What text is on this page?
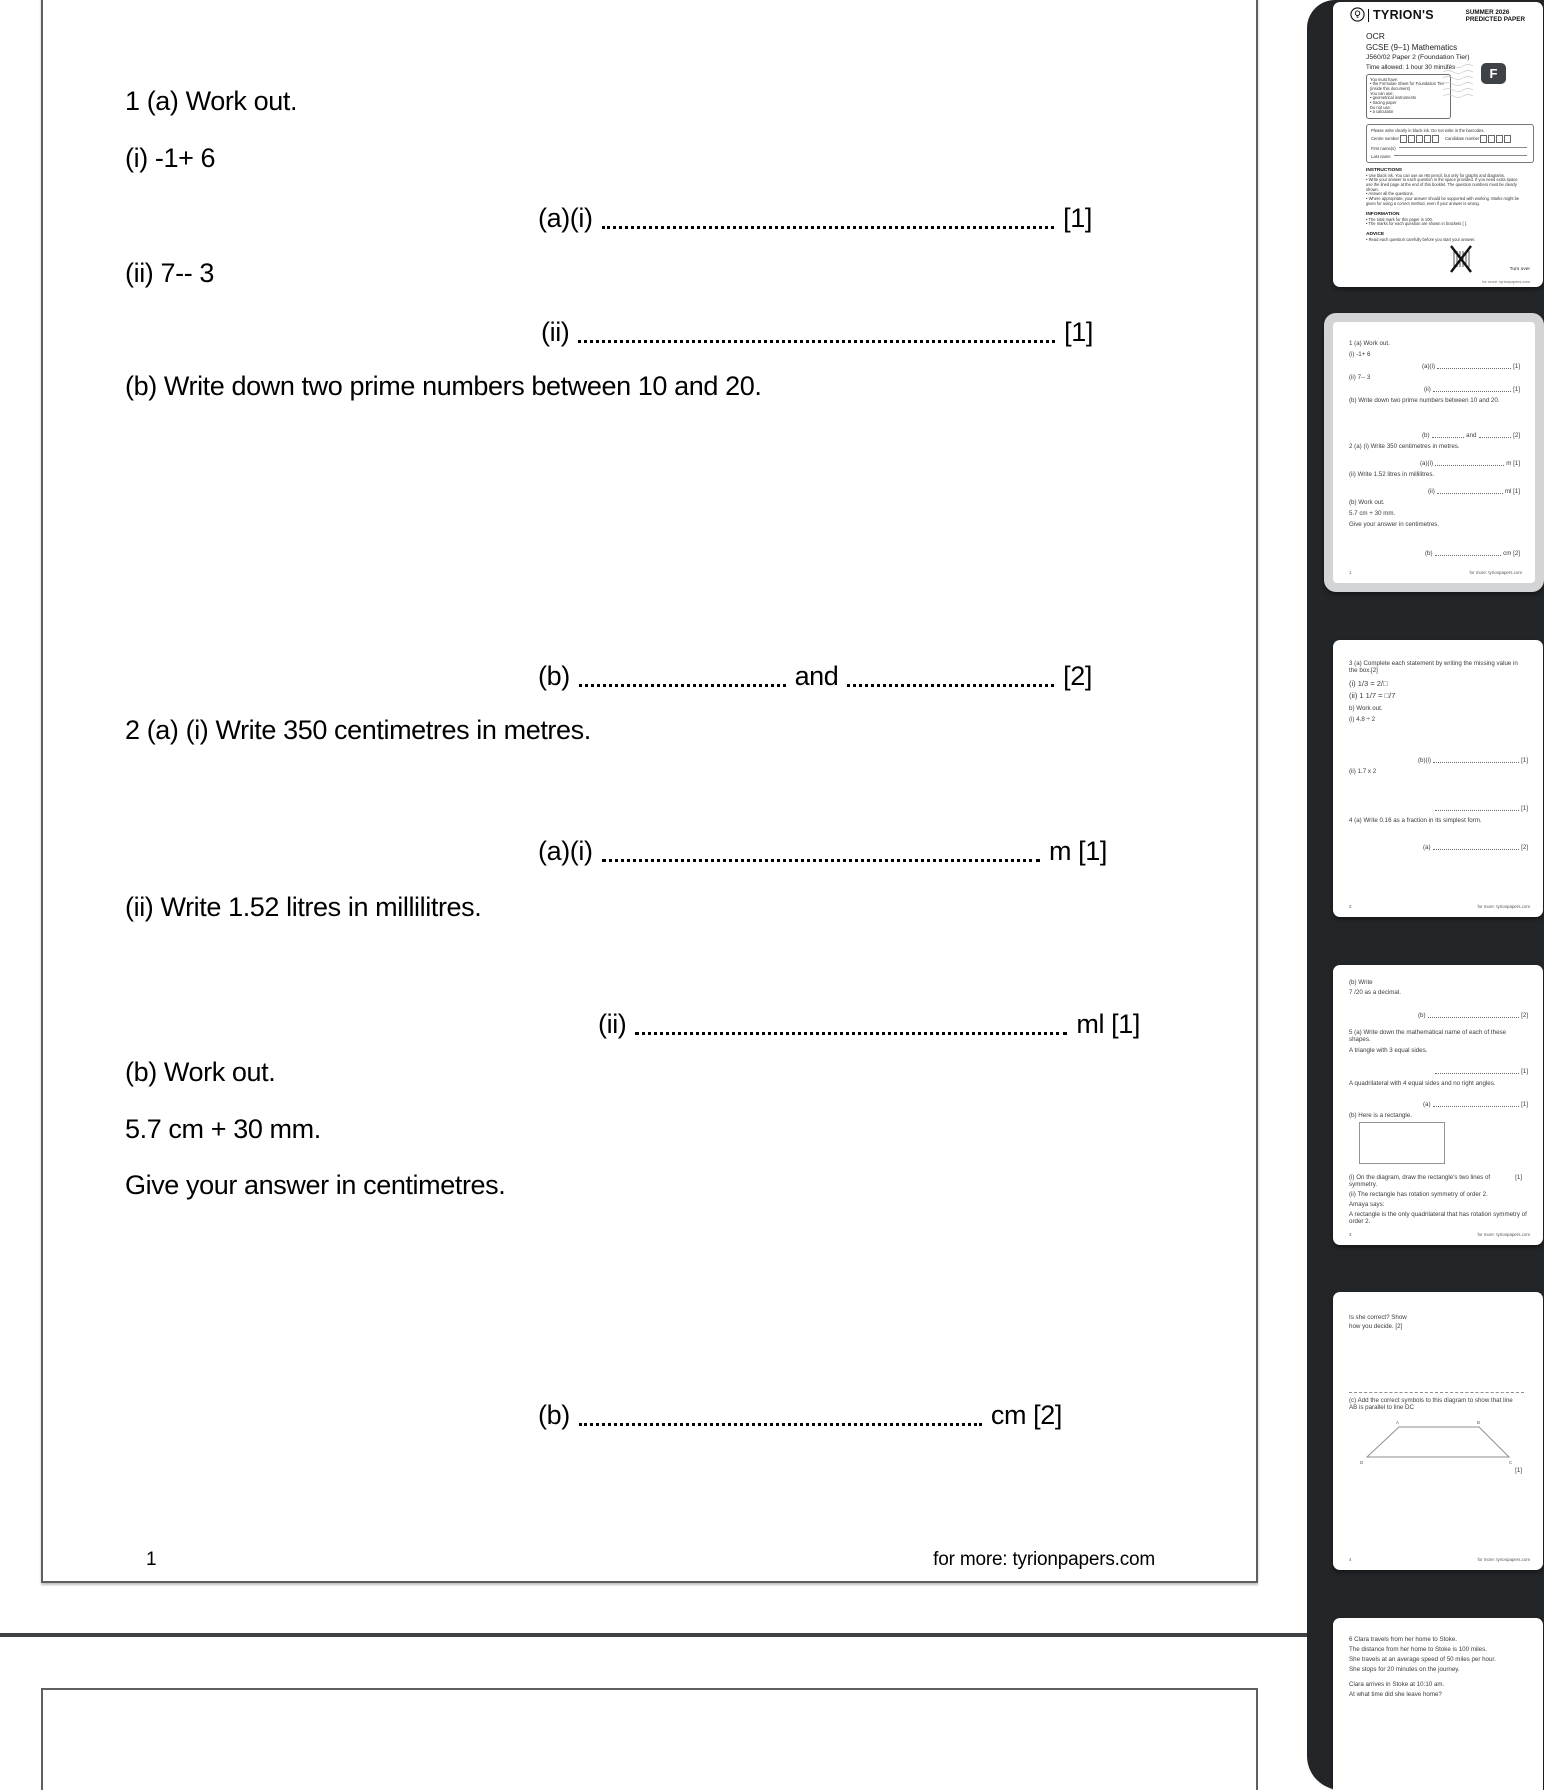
1 (a) Work out.
(i) -1+ 6
(a)(i)	[1]
(ii) 7-- 3
(ii)	[1]
(b) Write down two prime numbers between 10 and 20.
(b)	and	[2]
2 (a) (i) Write 350 centimetres in metres.
(a)(i)	m [1]
(ii) Write 1.52 litres in millilitres.
(ii)	ml [1]
(b) Work out.
5.7 cm + 30 mm.
Give your answer in centimetres.
(b)	cm [2]
1	for more: tyrionpapers.com
TYRION'S	SUMMER 2026
PREDICTED PAPER
OCR
GCSE (9–1) Mathematics
J560/02 Paper 2 (Foundation Tier)
Time allowed: 1 hour 30 minutes
You must have:
• the Formulae Sheet for Foundation Tier (inside this document)
You can use:
• geometrical instruments
• tracing paper
Do not use:
• a calculator
F
Please write clearly in black ink. Do not write in the barcodes.
Centre number	Candidate number
First name(s)
Last name
INSTRUCTIONS
• Use black ink. You can use an HB pencil, but only for graphs and diagrams.
• Write your answer to each question in the space provided. If you need extra space use the lined page at the end of this booklet. The question numbers must be clearly shown.
• Answer all the questions.
• Where appropriate, your answer should be supported with working. Marks might be given for using a correct method, even if your answer is wrong.
INFORMATION
• The total mark for this paper is 100.
• The marks for each question are shown in brackets [ ].
ADVICE
• Read each question carefully before you start your answer.
Turn over
for more: tyrionpapers.com
1 (a) Work out.
(i) -1+ 6
(a)(i)	[1]
(ii) 7-- 3
(ii)	[1]
(b) Write down two prime numbers between 10 and 20.
(b)	and	[2]
2 (a) (i) Write 350 centimetres in metres.
(a)(i)	m [1]
(ii) Write 1.52 litres in millilitres.
(ii)	ml [1]
(b) Work out.
5.7 cm + 30 mm.
Give your answer in centimetres.
(b)	cm [2]
1	for more: tyrionpapers.com
3 (a) Complete each statement by writing the missing value in the box.[2]
(i) 1/3 = 2/□
(ii) 1 1/7 = □/7
b) Work out.
(i) 4.8 ÷ 2
(b)(i)	[1]
(ii) 1.7 x 2
[1]
4 (a) Write 0.16 as a fraction in its simplest form.
(a)	[2]
2	for more: tyrionpapers.com
(b) Write
7 /20 as a decimal.
(b)	[2]
5 (a) Write down the mathematical name of each of these shapes.
A triangle with 3 equal sides.
[1]
A quadrilateral with 4 equal sides and no right angles.
(a)	[1]
(b) Here is a rectangle.
(i) On the diagram, draw the rectangle's two lines of symmetry.
[1]
(ii) The rectangle has rotation symmetry of order 2.
Amaya says:
A rectangle is the only quadrilateral that has rotation symmetry of order 2.
3	for more: tyrionpapers.com
Is she correct? Show
how you decide. [2]
(c) Add the correct symbols to this diagram to show that line AB is parallel to line DC
A	B
D	C
[1]
4	for more: tyrionpapers.com
6 Clara travels from her home to Stoke.
The distance from her home to Stoke is 100 miles.
She travels at an average speed of 50 miles per hour.
She stops for 20 minutes on the journey.
Clara arrives in Stoke at 10:10 am.
At what time did she leave home?
